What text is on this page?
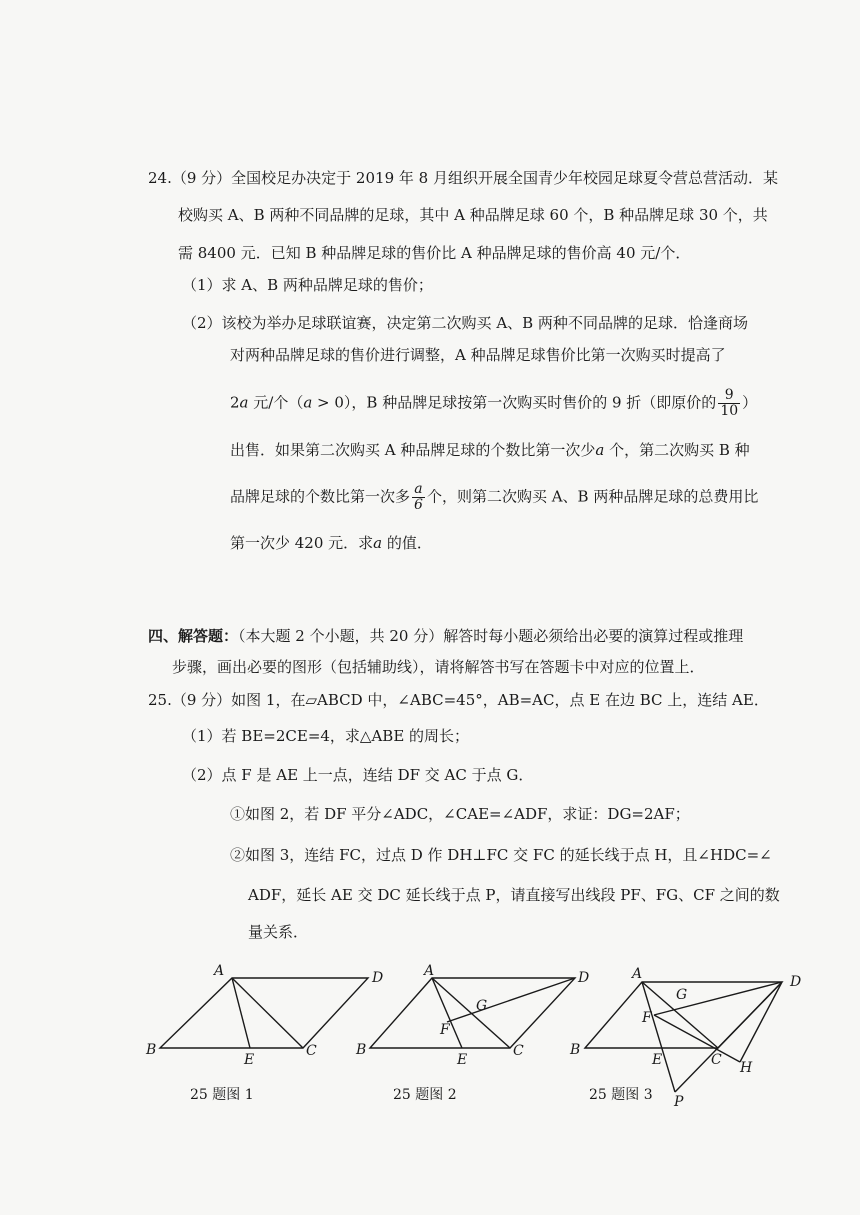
24.（9 分）全国校足办决定于 2019 年 8 月组织开展全国青少年校园足球夏令营总营活动．某
校购买 A、B 两种不同品牌的足球，其中 A 种品牌足球 60 个，B 种品牌足球 30 个，共
需 8400 元．已知 B 种品牌足球的售价比 A 种品牌足球的售价高 40 元/个．
（1）求 A、B 两种品牌足球的售价；
（2）该校为举办足球联谊赛，决定第二次购买 A、B 两种不同品牌的足球．恰逢商场
对两种品牌足球的售价进行调整，A 种品牌足球售价比第一次购买时提高了
2a 元/个（a > 0），B 种品牌足球按第一次购买时售价的 9 折（即原价的 $\frac{9}{10}$ ）
出售．如果第二次购买 A 种品牌足球的个数比第一次少a 个，第二次购买 B 种
品牌足球的个数比第一次多 $\frac{a}{6}$ 个，则第二次购买 A、B 两种品牌足球的总费用比
第一次少 420 元．求a 的值．
四、解答题：（本大题 2 个小题，共 20 分）解答时每小题必须给出必要的演算过程或推理
步骤，画出必要的图形（包括辅助线），请将解答书写在答题卡中对应的位置上．
25.（9 分）如图 1，在▱ABCD 中，∠ABC=45°，AB=AC，点 E 在边 BC 上，连结 AE．
（1）若 BE=2CE=4，求△ABE 的周长；
（2）点 F 是 AE 上一点，连结 DF 交 AC 于点 G．
①如图 2，若 DF 平分∠ADC，∠CAE=∠ADF，求证：DG=2AF；
②如图 3，连结 FC，过点 D 作 DH⊥FC 交 FC 的延长线于点 H，且∠HDC=∠
ADF，延长 AE 交 DC 延长线于点 P，请直接写出线段 PF、FG、CF 之间的数
量关系．
A
B	C
D
E
A
B	C
D
E
F
G
A
B
C
D
E
F
G
H
P
25 题图 1	25 题图 2	25 题图 3
